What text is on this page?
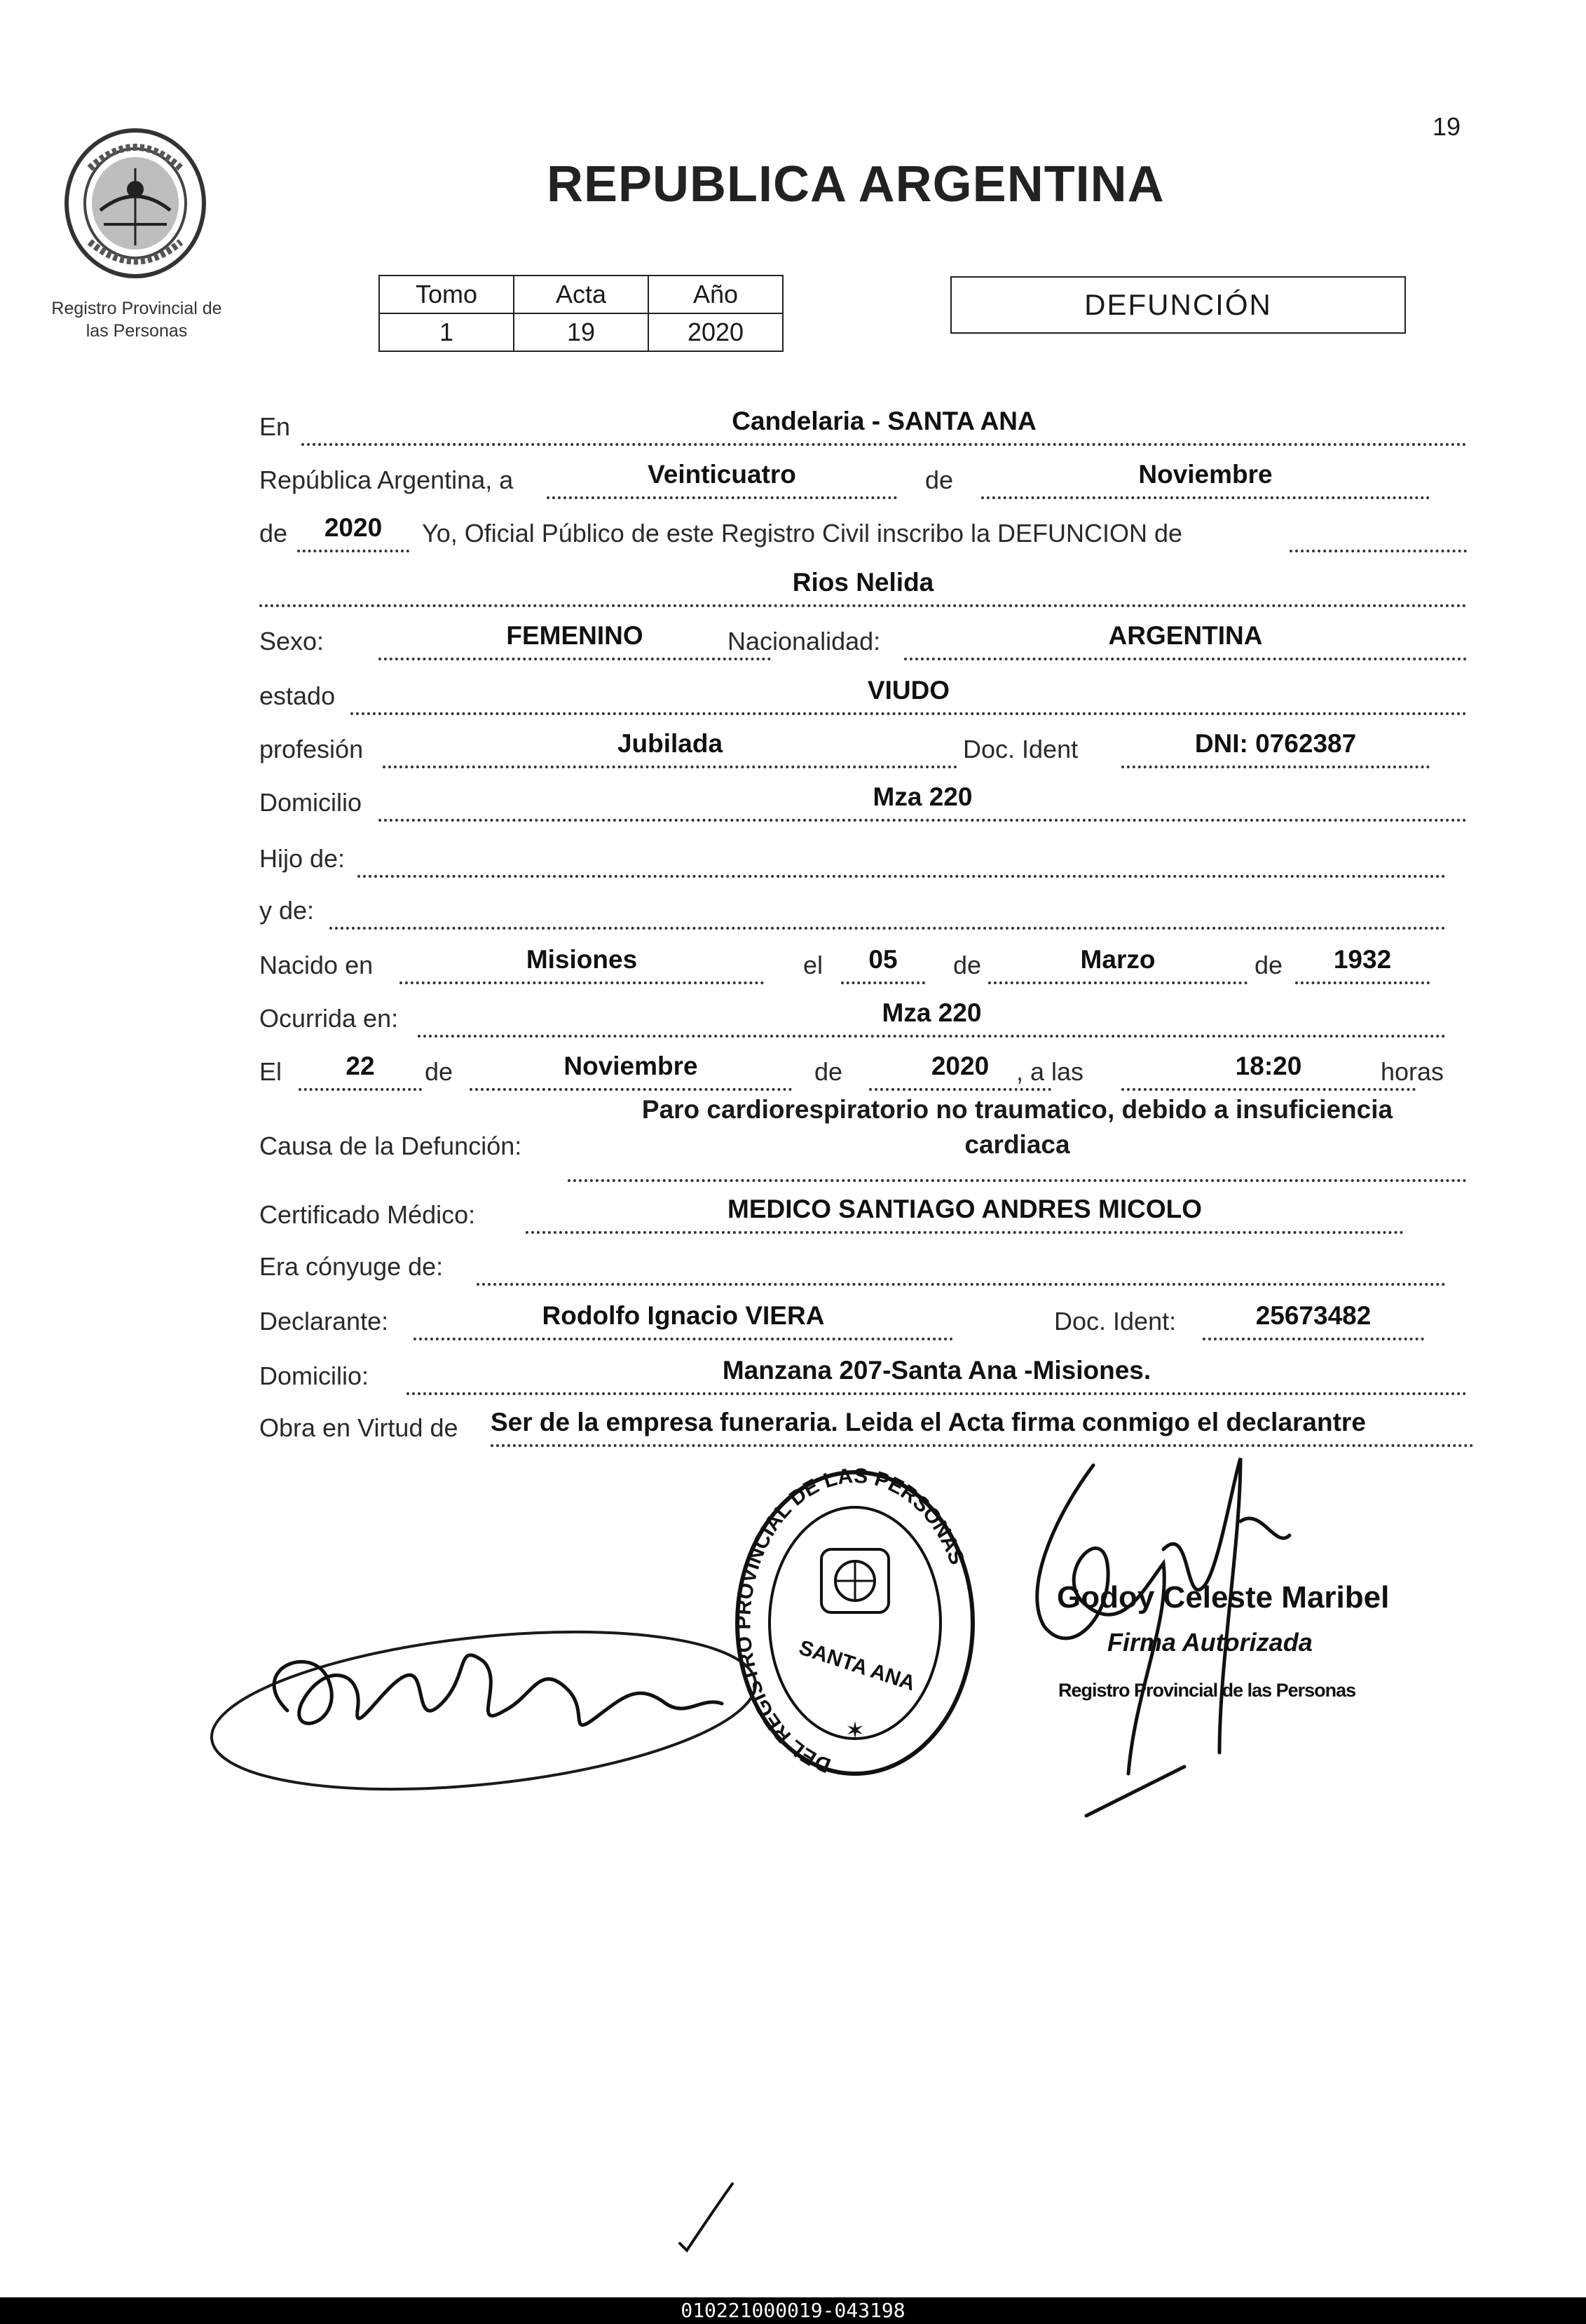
19
Registro Provincial de
las Personas
REPUBLICA ARGENTINA
Tomo	Acta	Año
1	19	2020
DEFUNCIÓN
En	Candelaria - SANTA ANA
República Argentina, a	Veinticuatro	de	Noviembre
de	2020	Yo, Oficial Público de este Registro Civil inscribo la DEFUNCION de
Rios Nelida
Sexo:	FEMENINO	Nacionalidad:	ARGENTINA
estado	VIUDO
profesión	Jubilada	Doc. Ident	DNI: 0762387
Domicilio	Mza 220
Hijo de:
y de:
Nacido en	Misiones	el	05	de	Marzo	de	1932
Ocurrida en:	Mza 220
El	22	de	Noviembre	de	2020	, a las	18:20	horas
Causa de la Defunción:
Paro cardiorespiratorio no traumatico, debido a insuficiencia
cardiaca
Certificado Médico:	MEDICO SANTIAGO ANDRES MICOLO
Era cónyuge de:
Declarante:	Rodolfo Ignacio VIERA	Doc. Ident:	25673482
Domicilio:	Manzana 207-Santa Ana -Misiones.
Obra en Virtud de Ser de la empresa funeraria. Leida el Acta firma conmigo el declarantre
DEL REGISTRO PROVINCIAL DE LAS PERSONAS
SANTA ANA
✶
Godoy Celeste Maribel
Firma Autorizada
Registro Provincial de las Personas
010221000019-043198
